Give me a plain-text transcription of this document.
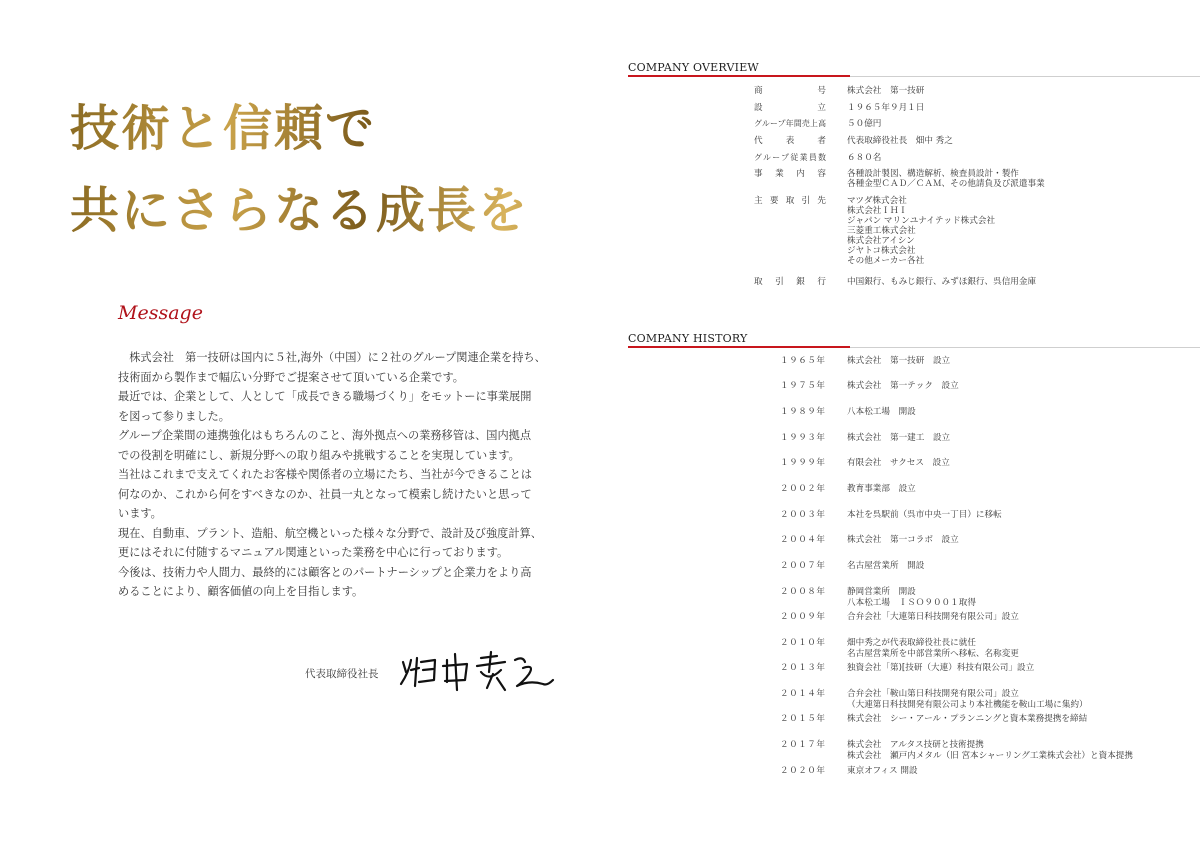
技術と信頼で
共にさらなる成長を
Message
　株式会社　第一技研は国内に５社,海外（中国）に２社のグループ関連企業を持ち、
技術面から製作まで幅広い分野でご提案させて頂いている企業です。
最近では、企業として、人として「成長できる職場づくり」をモットーに事業展開
を図って参りました。
グループ企業間の連携強化はもちろんのこと、海外拠点への業務移管は、国内拠点
での役割を明確にし、新規分野への取り組みや挑戦することを実現しています。
当社はこれまで支えてくれたお客様や関係者の立場にたち、当社が今できることは
何なのか、これから何をすべきなのか、社員一丸となって模索し続けたいと思って
います。
現在、自動車、プラント、造船、航空機といった様々な分野で、設計及び強度計算、
更にはそれに付随するマニュアル関連といった業務を中心に行っております。
今後は、技術力や人間力、最終的には顧客とのパートナーシップと企業力をより高
めることにより、顧客価値の向上を目指します。
代表取締役社長
COMPANY OVERVIEW
商号 株式会社　第一技研
設立 １９６５年９月１日
グループ年間売上高 ５０億円
代表者 代表取締役社長　畑中 秀之
グループ従業員数 ６８０名
事業内容 各種設計製図、構造解析、検査員設計・製作
各種金型ＣＡＤ／ＣＡＭ、その他請負及び派遣事業
主要取引先 マツダ株式会社
株式会社ＩＨＩ
ジャパン マリンユナイテッド株式会社
三菱重工株式会社
株式会社アイシン
ジヤトコ株式会社
その他メーカー各社
取引銀行 中国銀行、もみじ銀行、みずほ銀行、呉信用金庫
COMPANY HISTORY
１９６５年	株式会社　第一技研　設立
１９７５年	株式会社　第一テック　設立
１９８９年	八本松工場　開設
１９９３年	株式会社　第一建工　設立
１９９９年	有限会社　サクセス　設立
２００２年	教育事業部　設立
２００３年	本社を呉駅前（呉市中央一丁目）に移転
２００４年	株式会社　第一コラボ　設立
２００７年	名古屋営業所　開設
２００８年	静岡営業所　開設
八本松工場　ＩＳＯ９００１取得
２００９年	合弁会社「大連第日科技開発有限公司」設立
２０１０年	畑中秀之が代表取締役社長に就任
名古屋営業所を中部営業所へ移転、名称変更
２０１３年	独資会社「第)[技研（大連）科技有限公司」設立
２０１４年	合弁会社「鞍山第日科技開発有限公司」設立
（大連第日科技開発有限公司より本社機能を鞍山工場に集約）
２０１５年	株式会社　シー・アール・プランニングと資本業務提携を締結
２０１７年	株式会社　アルタス技研と技術提携
株式会社　瀬戸内メタル（旧 宮本シャーリング工業株式会社）と資本提携
２０２０年	東京オフィス 開設
